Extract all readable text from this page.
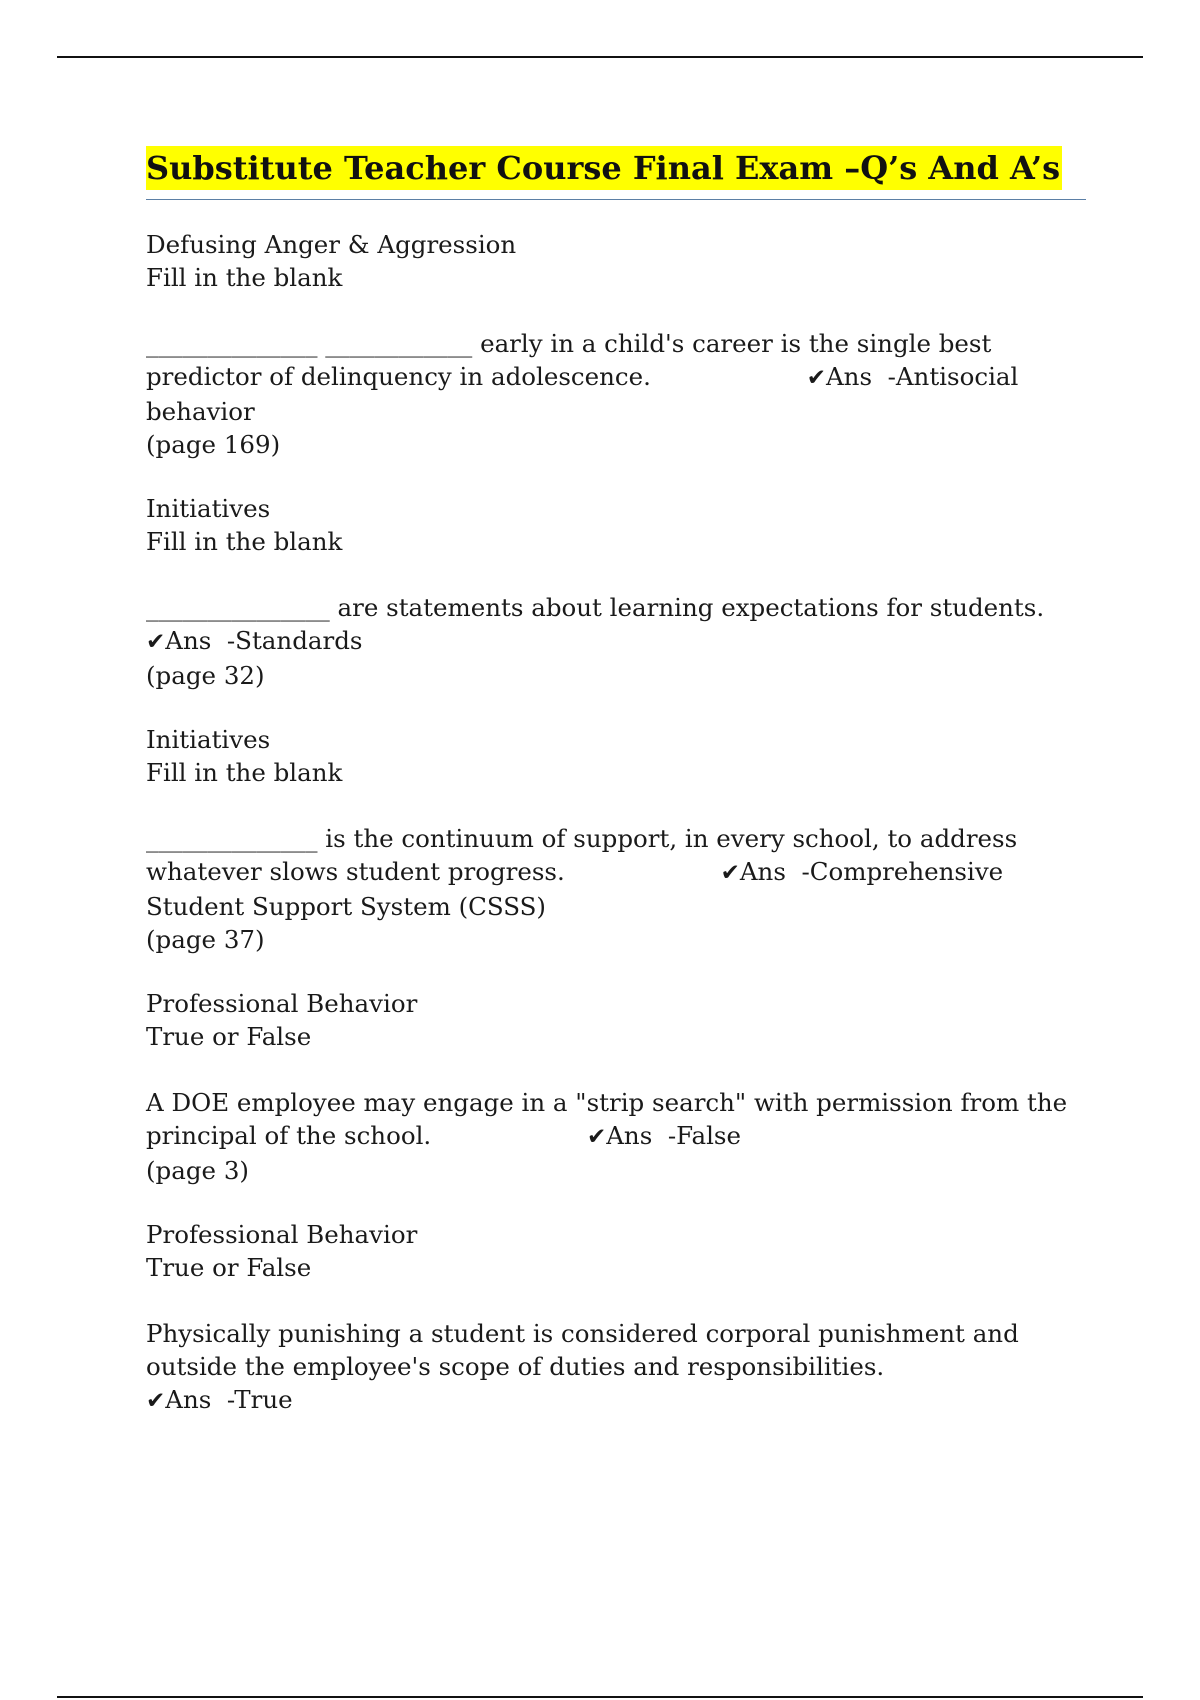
Substitute Teacher Course Final Exam –Q’s And A’s
Defusing Anger & Aggression
Fill in the blank
______________ ____________ early in a child's career is the single best
predictor of delinquency in adolescence.                    ✔Ans  -Antisocial
behavior
(page 169)
Initiatives
Fill in the blank
_______________ are statements about learning expectations for students.
✔Ans  -Standards
(page 32)
Initiatives
Fill in the blank
______________ is the continuum of support, in every school, to address
whatever slows student progress.                    ✔Ans  -Comprehensive
Student Support System (CSSS)
(page 37)
Professional Behavior
True or False
A DOE employee may engage in a "strip search" with permission from the
principal of the school.                    ✔Ans  -False
(page 3)
Professional Behavior
True or False
Physically punishing a student is considered corporal punishment and
outside the employee's scope of duties and responsibilities.
✔Ans  -True
